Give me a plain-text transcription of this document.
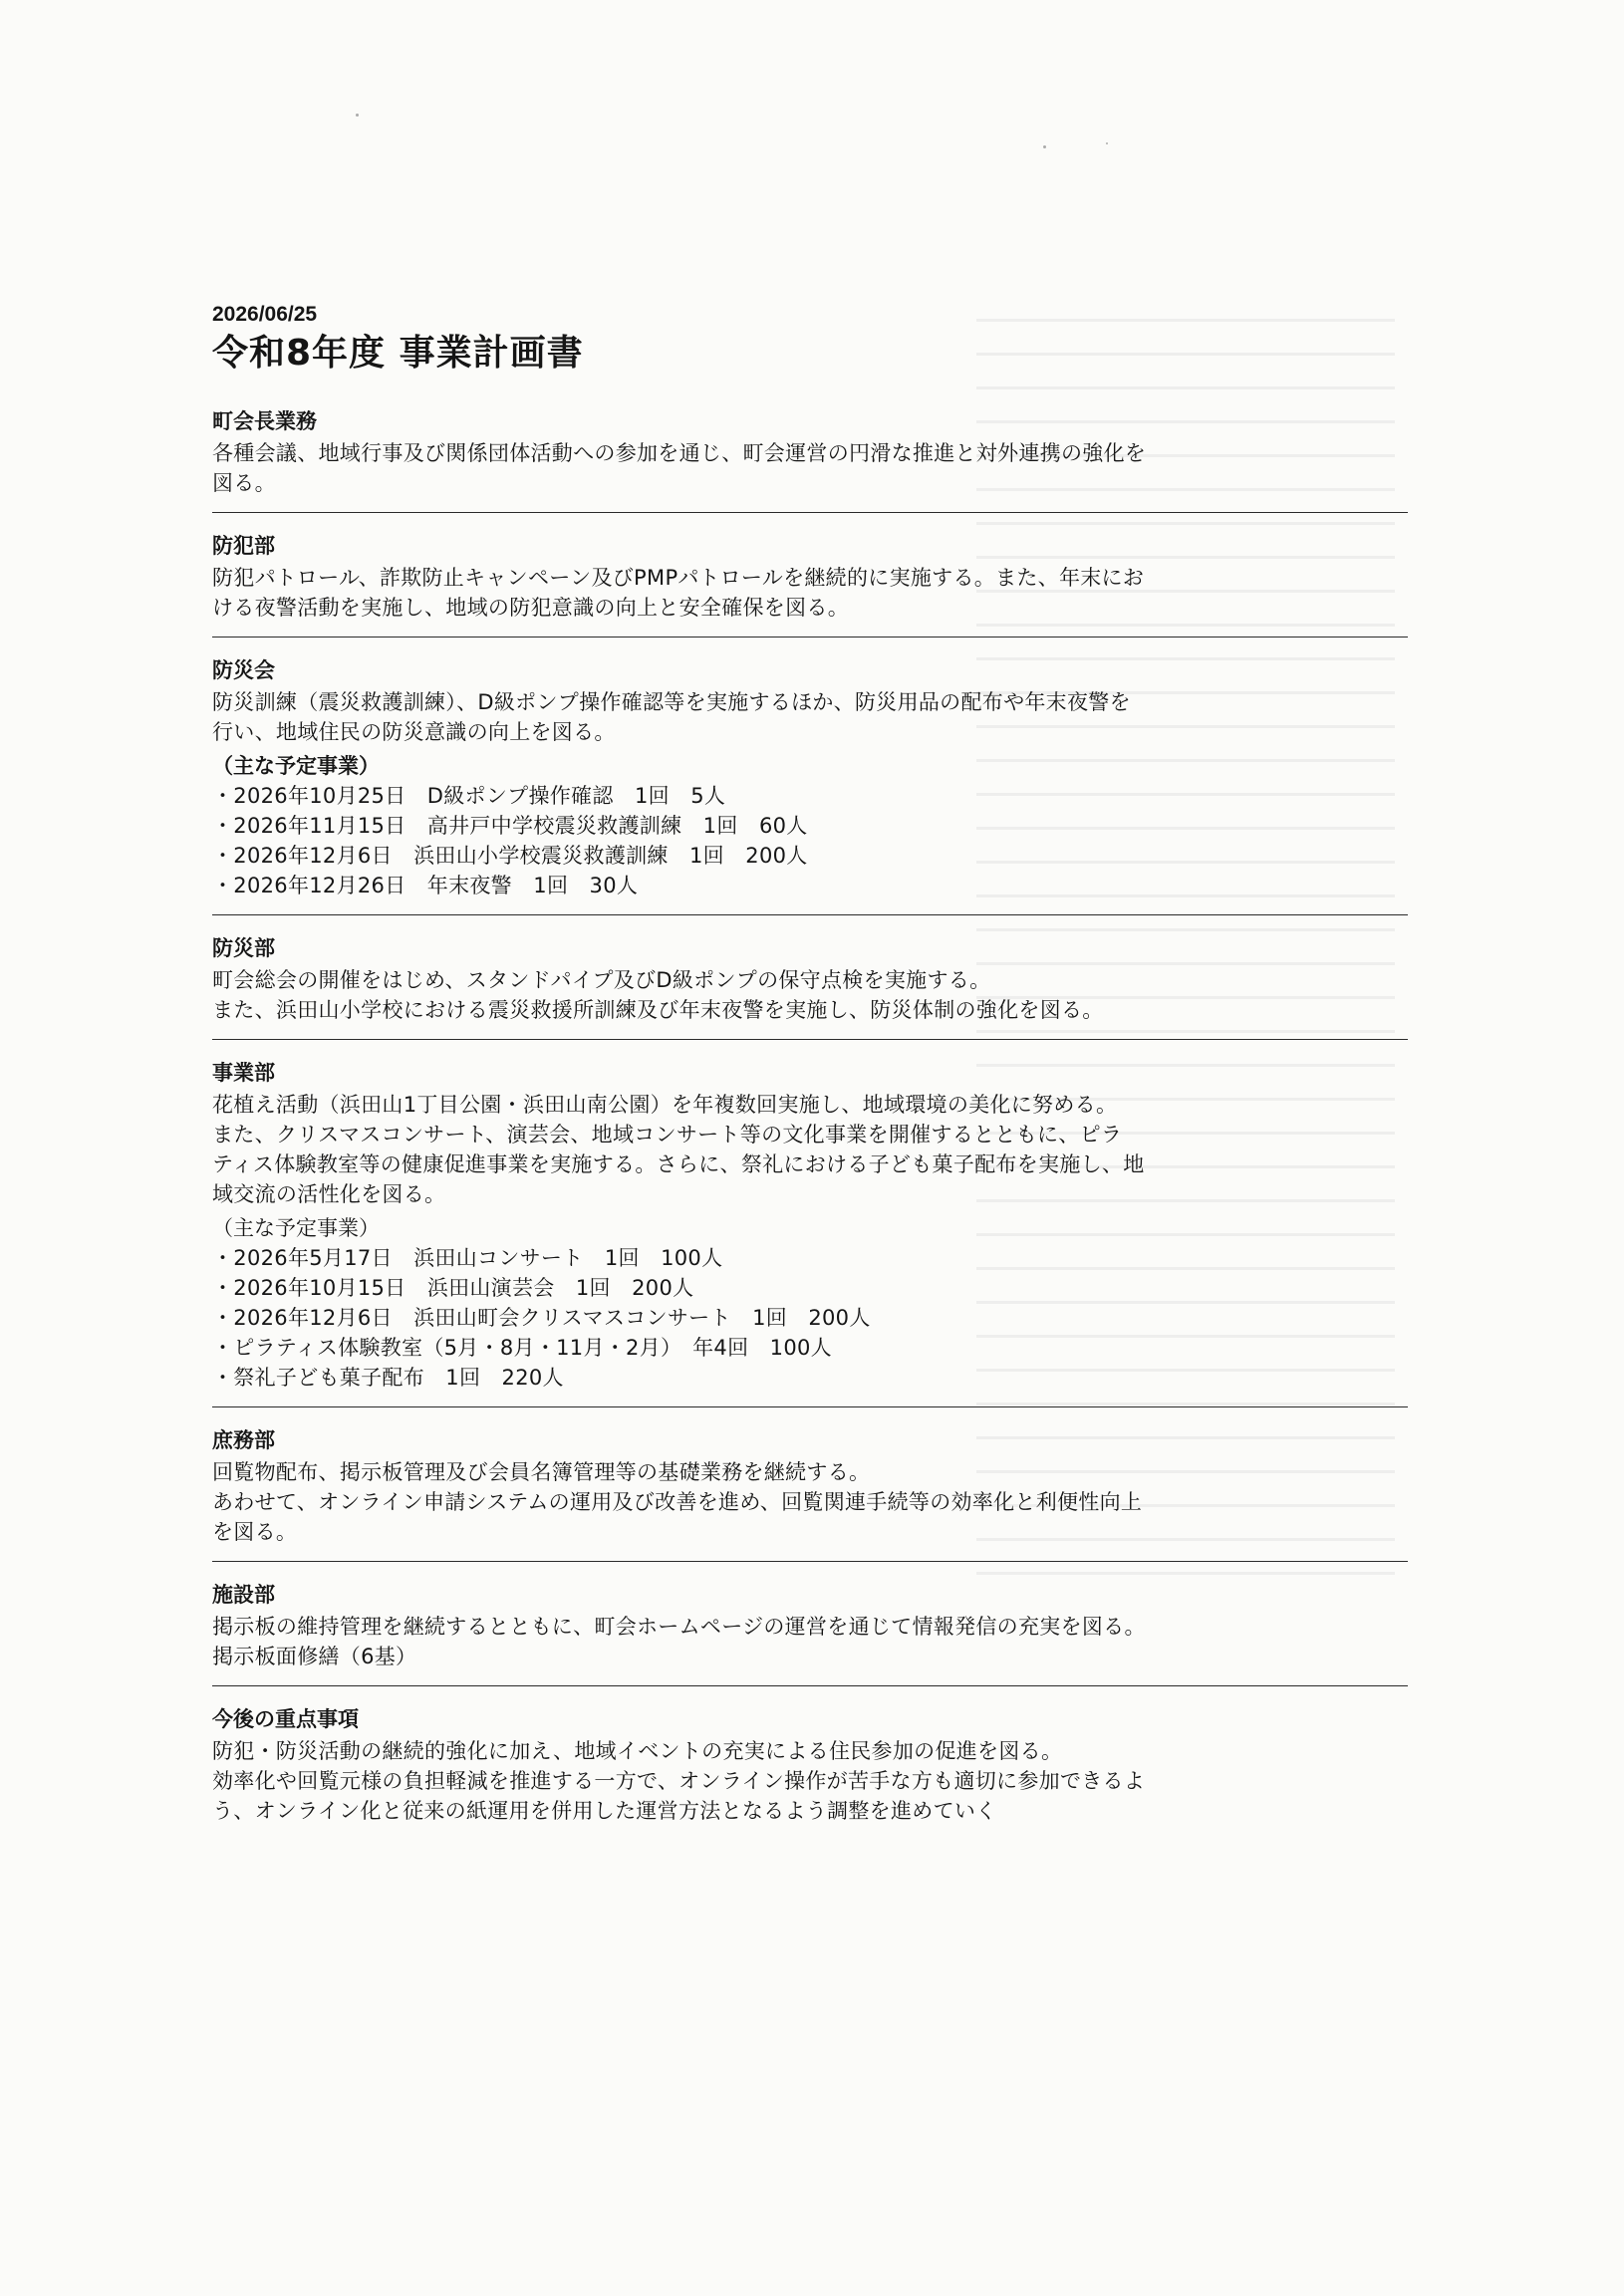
2026/06/25

令和8年度 事業計画書
町会長業務

各種会議、地域行事及び関係団体活動への参加を通じ、町会運営の円滑な推進と対外連携の強化を
図る。

防犯部

防犯パトロール、詐欺防止キャンペーン及びPMPパトロールを継続的に実施する。また、年末にお
ける夜警活動を実施し、地域の防犯意識の向上と安全確保を図る。

防災会

防災訓練（震災救護訓練）、D級ポンプ操作確認等を実施するほか、防災用品の配布や年末夜警を
行い、地域住民の防災意識の向上を図る。

（主な予定事業）

・2026年10月25日　D級ポンプ操作確認　1回　5人
・2026年11月15日　高井戸中学校震災救護訓練　1回　60人
・2026年12月6日　浜田山小学校震災救護訓練　1回　200人
・2026年12月26日　年末夜警　1回　30人
防災部

町会総会の開催をはじめ、スタンドパイプ及びD級ポンプの保守点検を実施する。
また、浜田山小学校における震災救援所訓練及び年末夜警を実施し、防災体制の強化を図る。

事業部

花植え活動（浜田山1丁目公園・浜田山南公園）を年複数回実施し、地域環境の美化に努める。
また、クリスマスコンサート、演芸会、地域コンサート等の文化事業を開催するとともに、ピラ
ティス体験教室等の健康促進事業を実施する。さらに、祭礼における子ども菓子配布を実施し、地
域交流の活性化を図る。

（主な予定事業）

・2026年5月17日　浜田山コンサート　1回　100人
・2026年10月15日　浜田山演芸会　1回　200人
・2026年12月6日　浜田山町会クリスマスコンサート　1回　200人
・ピラティス体験教室（5月・8月・11月・2月）　年4回　100人
・祭礼子ども菓子配布　1回　220人
庶務部

回覧物配布、掲示板管理及び会員名簿管理等の基礎業務を継続する。
あわせて、オンライン申請システムの運用及び改善を進め、回覧関連手続等の効率化と利便性向上
を図る。

施設部

掲示板の維持管理を継続するとともに、町会ホームページの運営を通じて情報発信の充実を図る。
掲示板面修繕（6基）

今後の重点事項

防犯・防災活動の継続的強化に加え、地域イベントの充実による住民参加の促進を図る。
効率化や回覧元様の負担軽減を推進する一方で、オンライン操作が苦手な方も適切に参加できるよ
う、オンライン化と従来の紙運用を併用した運営方法となるよう調整を進めていく
